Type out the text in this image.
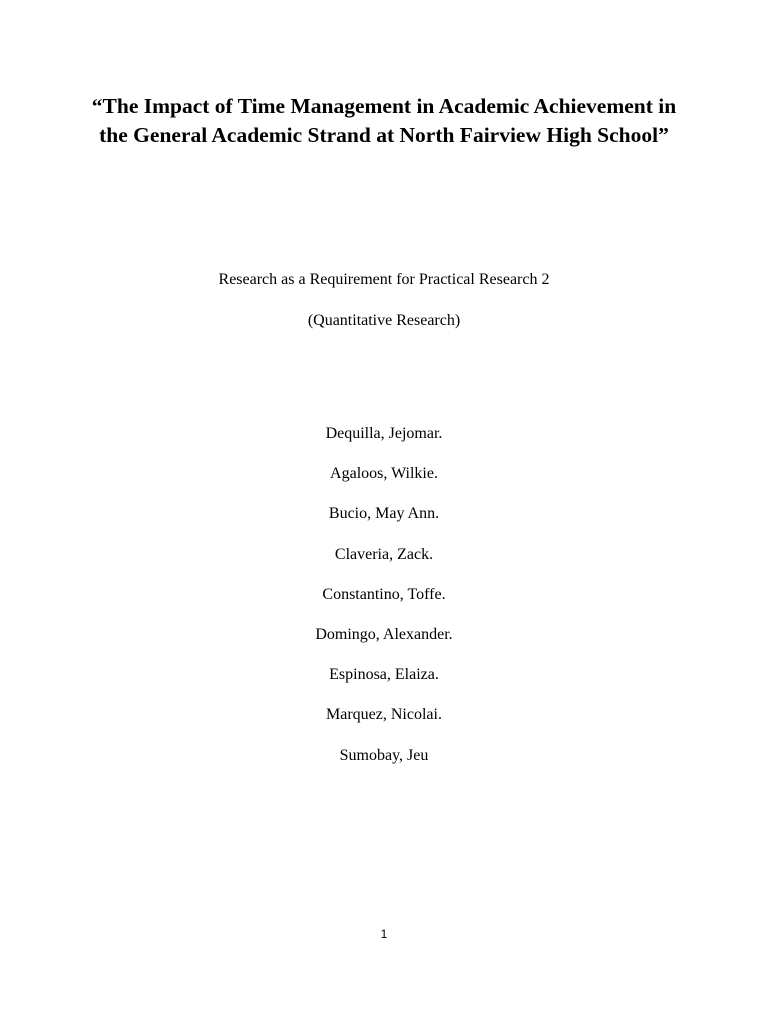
“The Impact of Time Management in Academic Achievement in the General Academic Strand at North Fairview High School”

Research as a Requirement for Practical Research 2

(Quantitative Research)

Dequilla, Jejomar.
Agaloos, Wilkie.
Bucio, May Ann.
Claveria, Zack.
Constantino, Toffe.
Domingo, Alexander.
Espinosa, Elaiza.
Marquez, Nicolai.
Sumobay, Jeu
1
